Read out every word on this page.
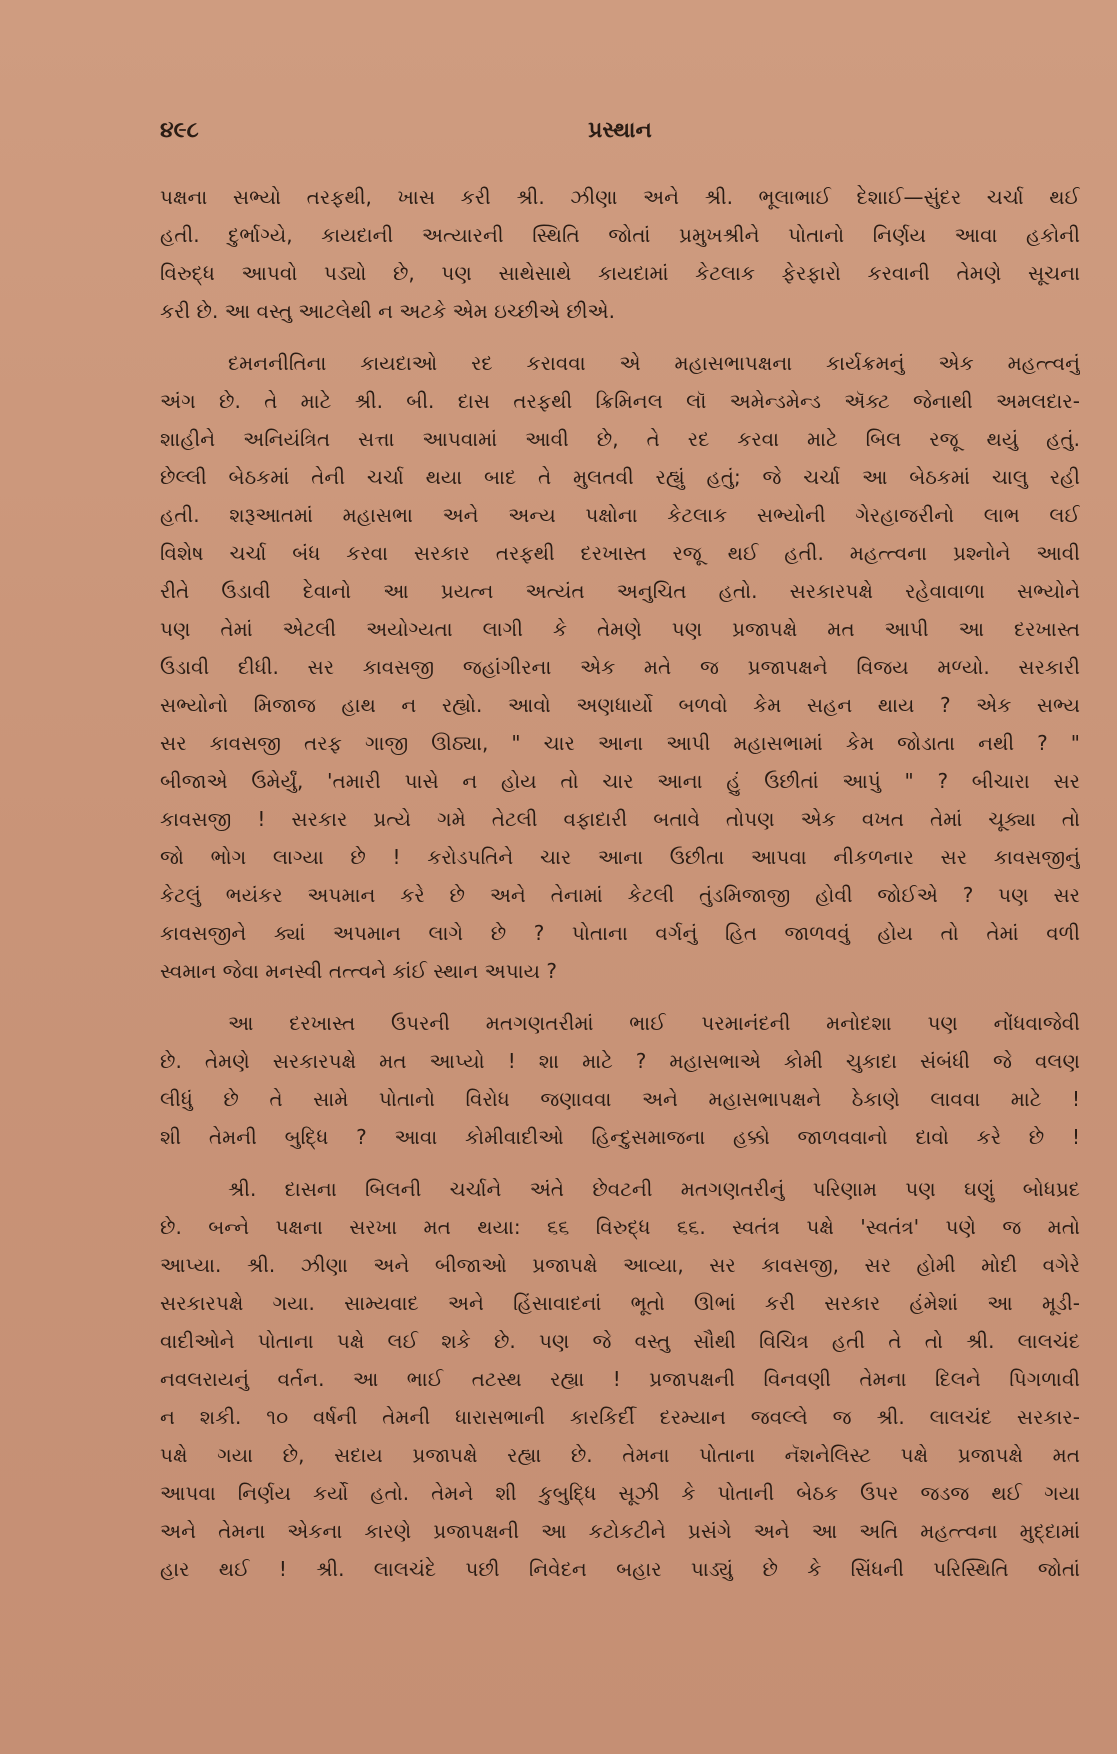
૪૯૮	પ્રસ્થાન
પક્ષના સભ્યો તરફથી, ખાસ કરી શ્રી. ઝીણા અને શ્રી. ભૂલાભાઈ દેશાઈ—સુંદર ચર્ચા થઈ
હતી. દુર્ભાગ્યે, કાયદાની અત્યારની સ્થિતિ જોતાં પ્રમુખશ્રીને પોતાનો નિર્ણય આવા હકોની
વિરુદ્ધ આપવો પડ્યો છે, પણ સાથેસાથે કાયદામાં કેટલાક ફેરફારો કરવાની તેમણે સૂચના
કરી છે. આ વસ્તુ આટલેથી ન અટકે એમ ઇચ્છીએ છીએ.
દમનનીતિના કાયદાઓ રદ કરાવવા એ મહાસભાપક્ષના કાર્યક્રમનું એક મહત્ત્વનું
અંગ છે. તે માટે શ્રી. બી. દાસ તરફથી ક્રિમિનલ લૉ અમેન્ડમેન્ડ ઍક્ટ જેનાથી અમલદાર-
શાહીને અનિયંત્રિત સત્તા આપવામાં આવી છે, તે રદ કરવા માટે બિલ રજૂ થયું હતું.
છેલ્લી બેઠકમાં તેની ચર્ચા થયા બાદ તે મુલતવી રહ્યું હતું; જે ચર્ચા આ બેઠકમાં ચાલુ રહી
હતી. શરૂઆતમાં મહાસભા અને અન્ય પક્ષોના કેટલાક સભ્યોની ગેરહાજરીનો લાભ લઈ
વિશેષ ચર્ચા બંધ કરવા સરકાર તરફથી દરખાસ્ત રજૂ થઈ હતી. મહત્ત્વના પ્રશ્નોને આવી
રીતે ઉડાવી દેવાનો આ પ્રયત્ન અત્યંત અનુચિત હતો. સરકારપક્ષે રહેવાવાળા સભ્યોને
પણ તેમાં એટલી અયોગ્યતા લાગી કે તેમણે પણ પ્રજાપક્ષે મત આપી આ દરખાસ્ત
ઉડાવી દીધી. સર કાવસજી જહાંગીરના એક મતે જ પ્રજાપક્ષને વિજય મળ્યો. સરકારી
સભ્યોનો મિજાજ હાથ ન રહ્યો. આવો અણધાર્યો બળવો કેમ સહન થાય ? એક સભ્ય
સર કાવસજી તરફ ગાજી ઊઠ્યા, " ચાર આના આપી મહાસભામાં કેમ જોડાતા નથી ? "
બીજાએ ઉમેર્યું, 'તમારી પાસે ન હોય તો ચાર આના હું ઉછીતાં આપું " ? બીચારા સર
કાવસજી ! સરકાર પ્રત્યે ગમે તેટલી વફાદારી બતાવે તોપણ એક વખત તેમાં ચૂક્યા તો
જો ભોગ લાગ્યા છે ! કરોડપતિને ચાર આના ઉછીતા આપવા નીકળનાર સર કાવસજીનું
કેટલું ભયંકર અપમાન કરે છે અને તેનામાં કેટલી તુંડમિજાજી હોવી જોઈએ ? પણ સર
કાવસજીને ક્યાં અપમાન લાગે છે ? પોતાના વર્ગનું હિત જાળવવું હોય તો તેમાં વળી
સ્વમાન જેવા મનસ્વી તત્ત્વને કાંઈ સ્થાન અપાય ?
આ દરખાસ્ત ઉપરની મતગણતરીમાં ભાઈ પરમાનંદની મનોદશા પણ નોંધવાજેવી
છે. તેમણે સરકારપક્ષે મત આપ્યો ! શા માટે ? મહાસભાએ કોમી ચુકાદા સંબંધી જે વલણ
લીધું છે તે સામે પોતાનો વિરોધ જણાવવા અને મહાસભાપક્ષને ઠેકાણે લાવવા માટે !
શી તેમની બુદ્ધિ ? આવા કોમીવાદીઓ હિન્દુસમાજના હક્કો જાળવવાનો દાવો કરે છે !
શ્રી. દાસના બિલની ચર્ચાને અંતે છેવટની મતગણતરીનું પરિણામ પણ ઘણું બોધપ્રદ
છે. બન્ને પક્ષના સરખા મત થયા: ૬૬ વિરુદ્ધ ૬૬. સ્વતંત્ર પક્ષે 'સ્વતંત્ર' પણે જ મતો
આપ્યા. શ્રી. ઝીણા અને બીજાઓ પ્રજાપક્ષે આવ્યા, સર કાવસજી, સર હોમી મોદી વગેરે
સરકારપક્ષે ગયા. સામ્યવાદ અને હિંસાવાદનાં ભૂતો ઊભાં કરી સરકાર હંમેશાં આ મૂડી-
વાદીઓને પોતાના પક્ષે લઈ શકે છે. પણ જે વસ્તુ સૌથી વિચિત્ર હતી તે તો શ્રી. લાલચંદ
નવલરાયનું વર્તન. આ ભાઈ તટસ્થ રહ્યા ! પ્રજાપક્ષની વિનવણી તેમના દિલને પિગળાવી
ન શકી. ૧૦ વર્ષની તેમની ધારાસભાની કારકિર્દી દરમ્યાન જવલ્લે જ શ્રી. લાલચંદ સરકાર-
પક્ષે ગયા છે, સદાય પ્રજાપક્ષે રહ્યા છે. તેમના પોતાના નૅશનેલિસ્ટ પક્ષે પ્રજાપક્ષે મત
આપવા નિર્ણય કર્યો હતો. તેમને શી કુબુદ્ધિ સૂઝી કે પોતાની બેઠક ઉપર જડજ થઈ ગયા
અને તેમના એકના કારણે પ્રજાપક્ષની આ કટોકટીને પ્રસંગે અને આ અતિ મહત્ત્વના મુદ્દામાં
હાર થઈ ! શ્રી. લાલચંદે પછી નિવેદન બહાર પાડ્યું છે કે સિંધની પરિસ્થિતિ જોતાં
